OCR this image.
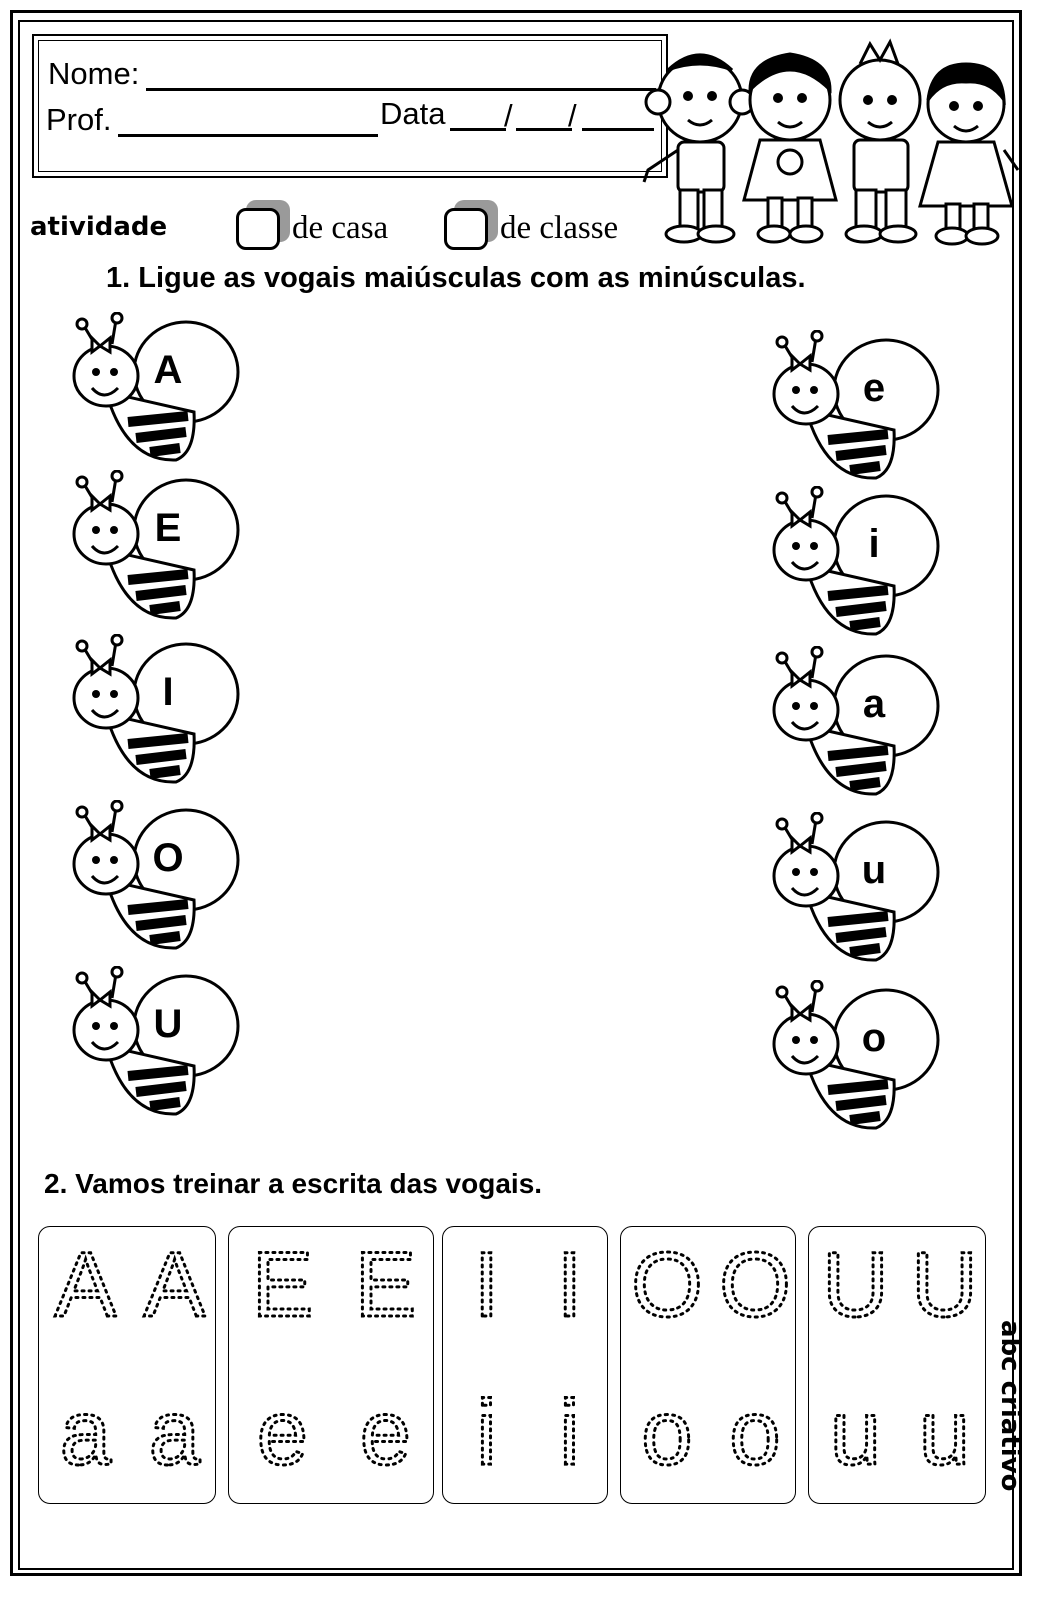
Nome:
Prof.	Data / /
atividade	de casa	de classe
1. Ligue as vogais maiúsculas com as minúsculas.
2. Vamos treinar a escrita das vogais.
abc criativo
A
E
I
O
U
e
i
a
u
o
A
a
A
a
E
e
E
e
I
i
I
i
O
o
O
o
U
u
U
u
